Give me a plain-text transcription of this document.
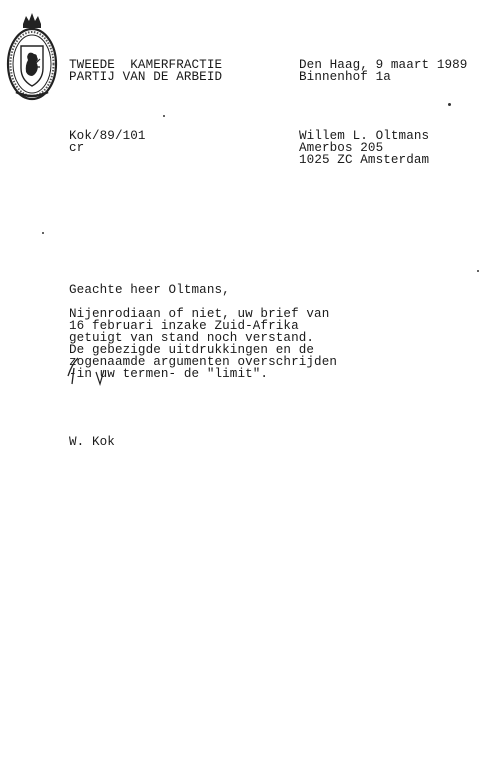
TWEEDE  KAMERFRACTIE
PARTIJ VAN DE ARBEID
Den Haag, 9 maart 1989
Binnenhof 1a
Kok/89/101
cr
Willem L. Oltmans
Amerbos 205
1025 ZC Amsterdam
Geachte heer Oltmans,
Nijenrodiaan of niet, uw brief van
16 februari inzake Zuid-Afrika
getuigt van stand noch verstand.
De gebezigde uitdrukkingen en de
zogenaamde argumenten overschrijden
-in uw termen- de "limit".
W. Kok
